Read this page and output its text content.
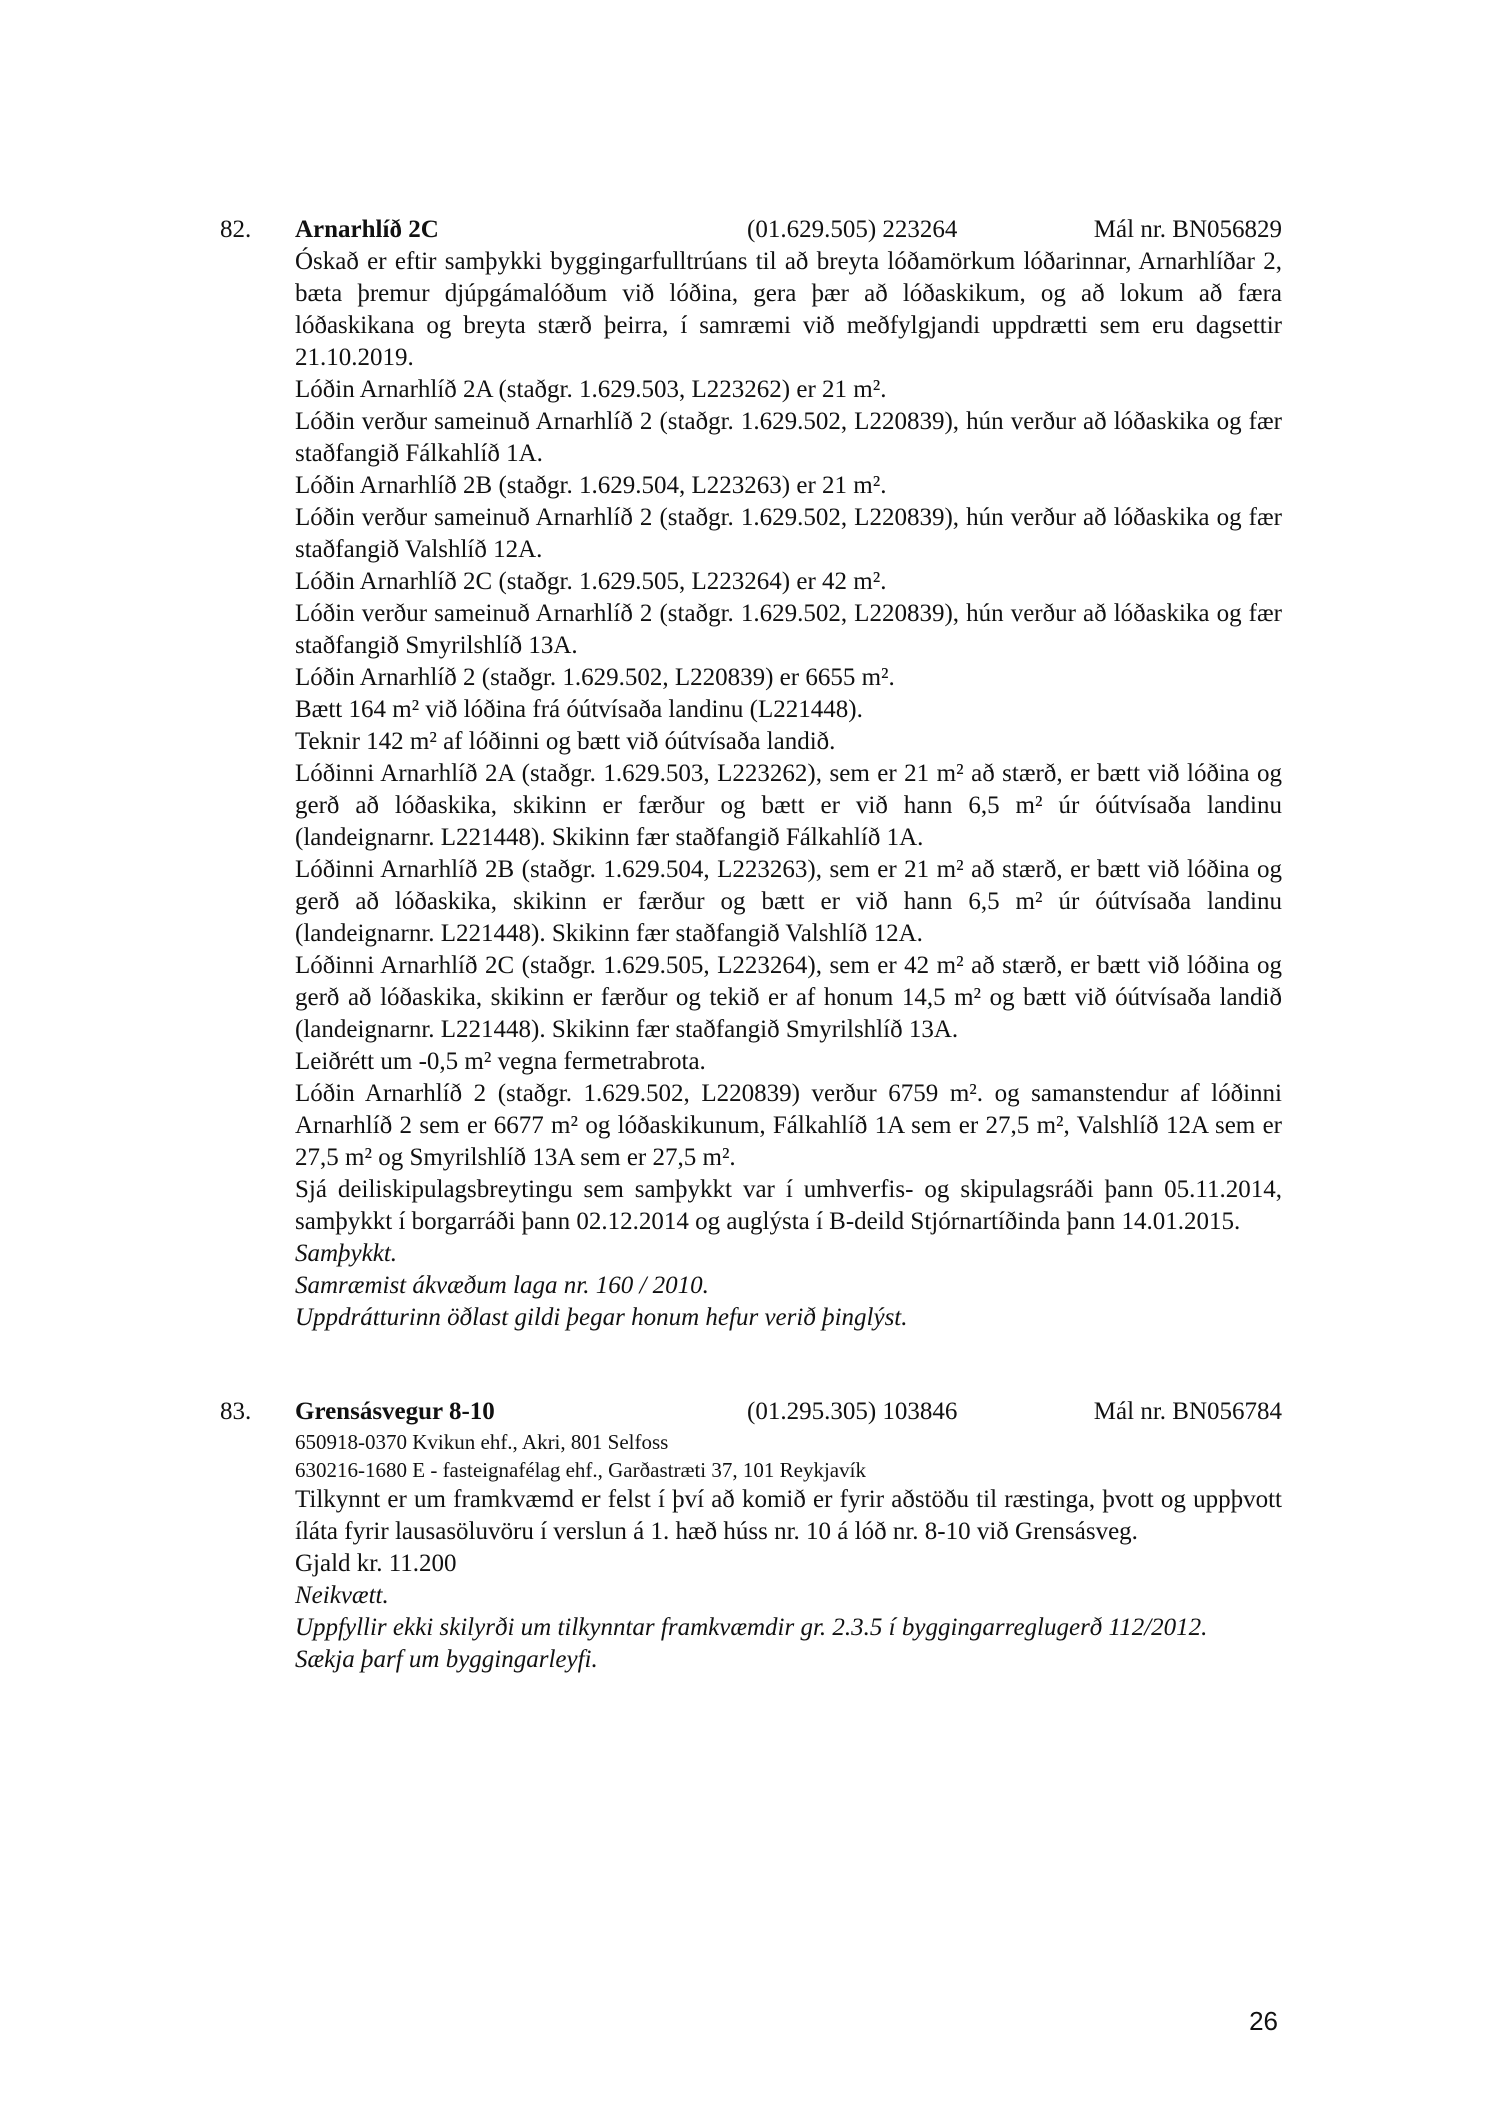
82. Arnarhlíð 2C	(01.629.505) 223264	Mál nr. BN056829

Óskað er eftir samþykki byggingarfulltrúans til að breyta lóðamörkum lóðarinnar, Arnarhlíðar 2, bæta þremur djúpgámalóðum við lóðina, gera þær að lóðaskikum, og að lokum að færa lóðaskikana og breyta stærð þeirra, í samræmi við meðfylgjandi uppdrætti sem eru dagsettir 21.10.2019.

Lóðin Arnarhlíð 2A (staðgr. 1.629.503, L223262) er 21 m².

Lóðin verður sameinuð Arnarhlíð 2 (staðgr. 1.629.502, L220839), hún verður að lóðaskika og fær staðfangið Fálkahlíð 1A.

Lóðin Arnarhlíð 2B (staðgr. 1.629.504, L223263) er 21 m².

Lóðin verður sameinuð Arnarhlíð 2 (staðgr. 1.629.502, L220839), hún verður að lóðaskika og fær staðfangið Valshlíð 12A.

Lóðin Arnarhlíð 2C (staðgr. 1.629.505, L223264) er 42 m².

Lóðin verður sameinuð Arnarhlíð 2 (staðgr. 1.629.502, L220839), hún verður að lóðaskika og fær staðfangið Smyrilshlíð 13A.

Lóðin Arnarhlíð 2 (staðgr. 1.629.502, L220839) er 6655 m².

Bætt 164 m² við lóðina frá óútvísaða landinu (L221448).

Teknir 142 m² af lóðinni og bætt við óútvísaða landið.

Lóðinni Arnarhlíð 2A (staðgr. 1.629.503, L223262), sem er 21 m² að stærð, er bætt við lóðina og gerð að lóðaskika, skikinn er færður og bætt er við hann 6,5 m² úr óútvísaða landinu (landeignarnr. L221448). Skikinn fær staðfangið Fálkahlíð 1A.

Lóðinni Arnarhlíð 2B (staðgr. 1.629.504, L223263), sem er 21 m² að stærð, er bætt við lóðina og gerð að lóðaskika, skikinn er færður og bætt er við hann 6,5 m² úr óútvísaða landinu (landeignarnr. L221448). Skikinn fær staðfangið Valshlíð 12A.

Lóðinni Arnarhlíð 2C (staðgr. 1.629.505, L223264), sem er 42 m² að stærð, er bætt við lóðina og gerð að lóðaskika, skikinn er færður og tekið er af honum 14,5 m² og bætt við óútvísaða landið (landeignarnr. L221448). Skikinn fær staðfangið Smyrilshlíð 13A.

Leiðrétt um -0,5 m² vegna fermetrabrota.

Lóðin Arnarhlíð 2 (staðgr. 1.629.502, L220839) verður 6759 m². og samanstendur af lóðinni Arnarhlíð 2 sem er 6677 m² og lóðaskikunum, Fálkahlíð 1A sem er 27,5 m², Valshlíð 12A sem er 27,5 m² og Smyrilshlíð 13A sem er 27,5 m².

Sjá deiliskipulagsbreytingu sem samþykkt var í umhverfis- og skipulagsráði þann 05.11.2014, samþykkt í borgarráði þann 02.12.2014 og auglýsta í B-deild Stjórnartíðinda þann 14.01.2015.

Samþykkt.

Samræmist ákvæðum laga nr. 160 / 2010.

Uppdrátturinn öðlast gildi þegar honum hefur verið þinglýst.

83. Grensásvegur 8-10	(01.295.305) 103846	Mál nr. BN056784

650918-0370 Kvikun ehf., Akri, 801 Selfoss

630216-1680 E - fasteignafélag ehf., Garðastræti 37, 101 Reykjavík

Tilkynnt er um framkvæmd er felst í því að komið er fyrir aðstöðu til ræstinga, þvott og uppþvott íláta fyrir lausasöluvöru í verslun á 1. hæð húss nr. 10 á lóð nr. 8-10 við Grensásveg.

Gjald kr. 11.200

Neikvætt.

Uppfyllir ekki skilyrði um tilkynntar framkvæmdir gr. 2.3.5 í byggingarreglugerð 112/2012.

Sækja þarf um byggingarleyfi.

26
